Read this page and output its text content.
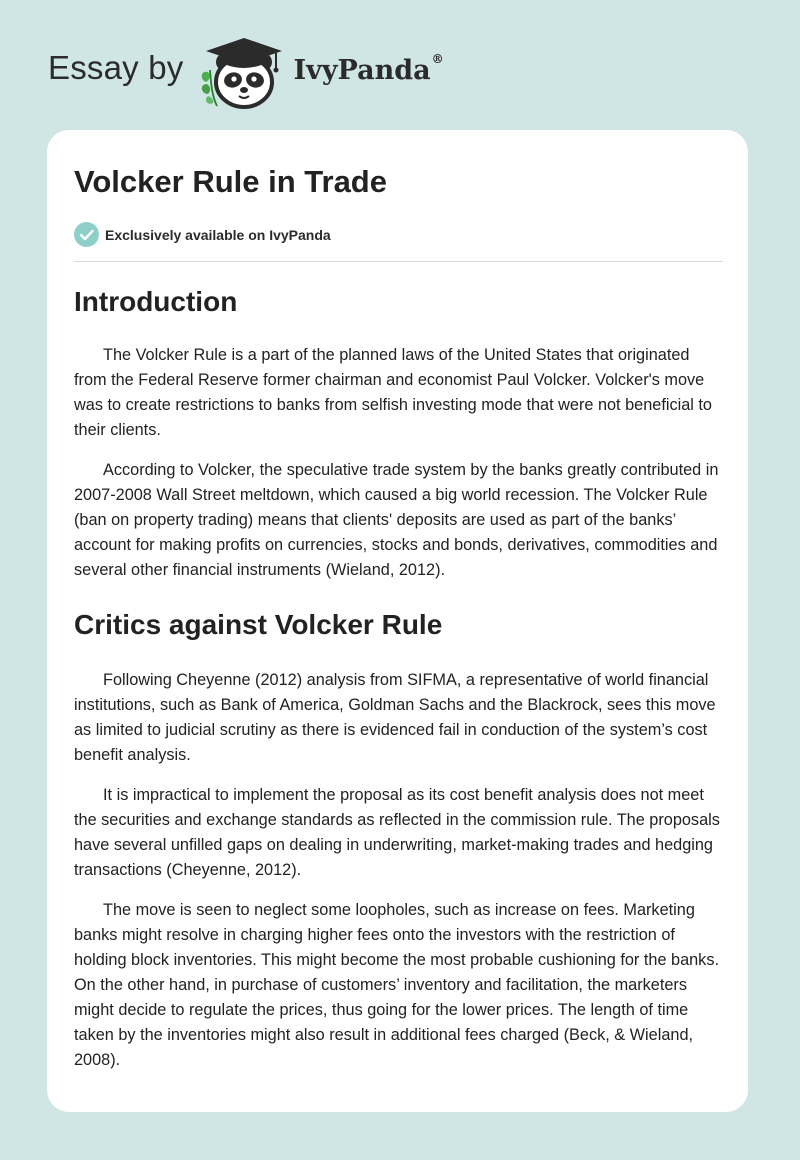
Essay by	IvyPanda®
Volcker Rule in Trade
Exclusively available on IvyPanda
Introduction

The Volcker Rule is a part of the planned laws of the United States that originated from the Federal Reserve former chairman and economist Paul Volcker. Volcker's move was to create restrictions to banks from selfish investing mode that were not beneficial to their clients.

According to Volcker, the speculative trade system by the banks greatly contributed in 2007-2008 Wall Street meltdown, which caused a big world recession. The Volcker Rule (ban on property trading) means that clients' deposits are used as part of the banks’ account for making profits on currencies, stocks and bonds, derivatives, commodities and several other financial instruments (Wieland, 2012).

Critics against Volcker Rule

Following Cheyenne (2012) analysis from SIFMA, a representative of world financial institutions, such as Bank of America, Goldman Sachs and the Blackrock, sees this move as limited to judicial scrutiny as there is evidenced fail in conduction of the system’s cost benefit analysis.

It is impractical to implement the proposal as its cost benefit analysis does not meet the securities and exchange standards as reflected in the commission rule. The proposals have several unfilled gaps on dealing in underwriting, market-making trades and hedging transactions (Cheyenne, 2012).

The move is seen to neglect some loopholes, such as increase on fees. Marketing banks might resolve in charging higher fees onto the investors with the restriction of holding block inventories. This might become the most probable cushioning for the banks. On the other hand, in purchase of customers’ inventory and facilitation, the marketers might decide to regulate the prices, thus going for the lower prices. The length of time taken by the inventories might also result in additional fees charged (Beck, & Wieland, 2008).
